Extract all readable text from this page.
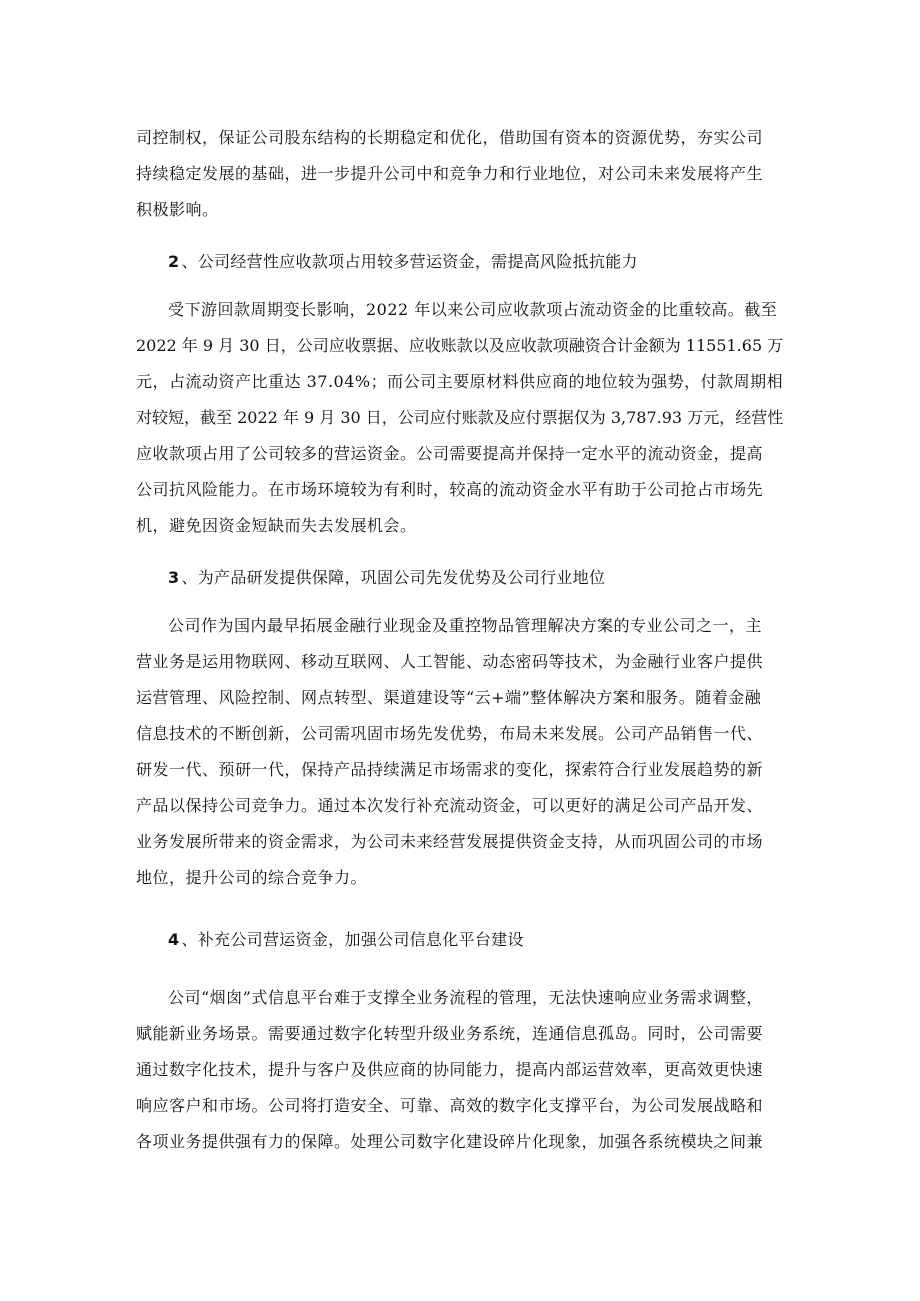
司控制权，保证公司股东结构的长期稳定和优化，借助国有资本的资源优势，夯实公司
持续稳定发展的基础，进一步提升公司中和竞争力和行业地位，对公司未来发展将产生
积极影响。

2 、公司经营性应收款项占用较多营运资金，需提高风险抵抗能力

受下游回款周期变长影响，2022 年以来公司应收款项占流动资金的比重较高。截至
2022 年 9 月 30 日，公司应收票据、应收账款以及应收款项融资合计金额为 11551.65 万
元，占流动资产比重达 37.04%；而公司主要原材料供应商的地位较为强势，付款周期相
对较短，截至 2022 年 9 月 30 日，公司应付账款及应付票据仅为 3,787.93 万元，经营性
应收款项占用了公司较多的营运资金。公司需要提高并保持一定水平的流动资金，提高
公司抗风险能力。在市场环境较为有利时，较高的流动资金水平有助于公司抢占市场先
机，避免因资金短缺而失去发展机会。

3 、为产品研发提供保障，巩固公司先发优势及公司行业地位

公司作为国内最早拓展金融行业现金及重控物品管理解决方案的专业公司之一，主
营业务是运用物联网、移动互联网、人工智能、动态密码等技术，为金融行业客户提供
运营管理、风险控制、网点转型、渠道建设等“云+端”整体解决方案和服务。随着金融
信息技术的不断创新，公司需巩固市场先发优势，布局未来发展。公司产品销售一代、
研发一代、预研一代，保持产品持续满足市场需求的变化，探索符合行业发展趋势的新
产品以保持公司竞争力。通过本次发行补充流动资金，可以更好的满足公司产品开发、
业务发展所带来的资金需求，为公司未来经营发展提供资金支持，从而巩固公司的市场
地位，提升公司的综合竞争力。

4 、补充公司营运资金，加强公司信息化平台建设

公司“烟囱”式信息平台难于支撑全业务流程的管理，无法快速响应业务需求调整，
赋能新业务场景。需要通过数字化转型升级业务系统，连通信息孤岛。同时，公司需要
通过数字化技术，提升与客户及供应商的协同能力，提高内部运营效率，更高效更快速
响应客户和市场。公司将打造安全、可靠、高效的数字化支撑平台，为公司发展战略和
各项业务提供强有力的保障。处理公司数字化建设碎片化现象，加强各系统模块之间兼
